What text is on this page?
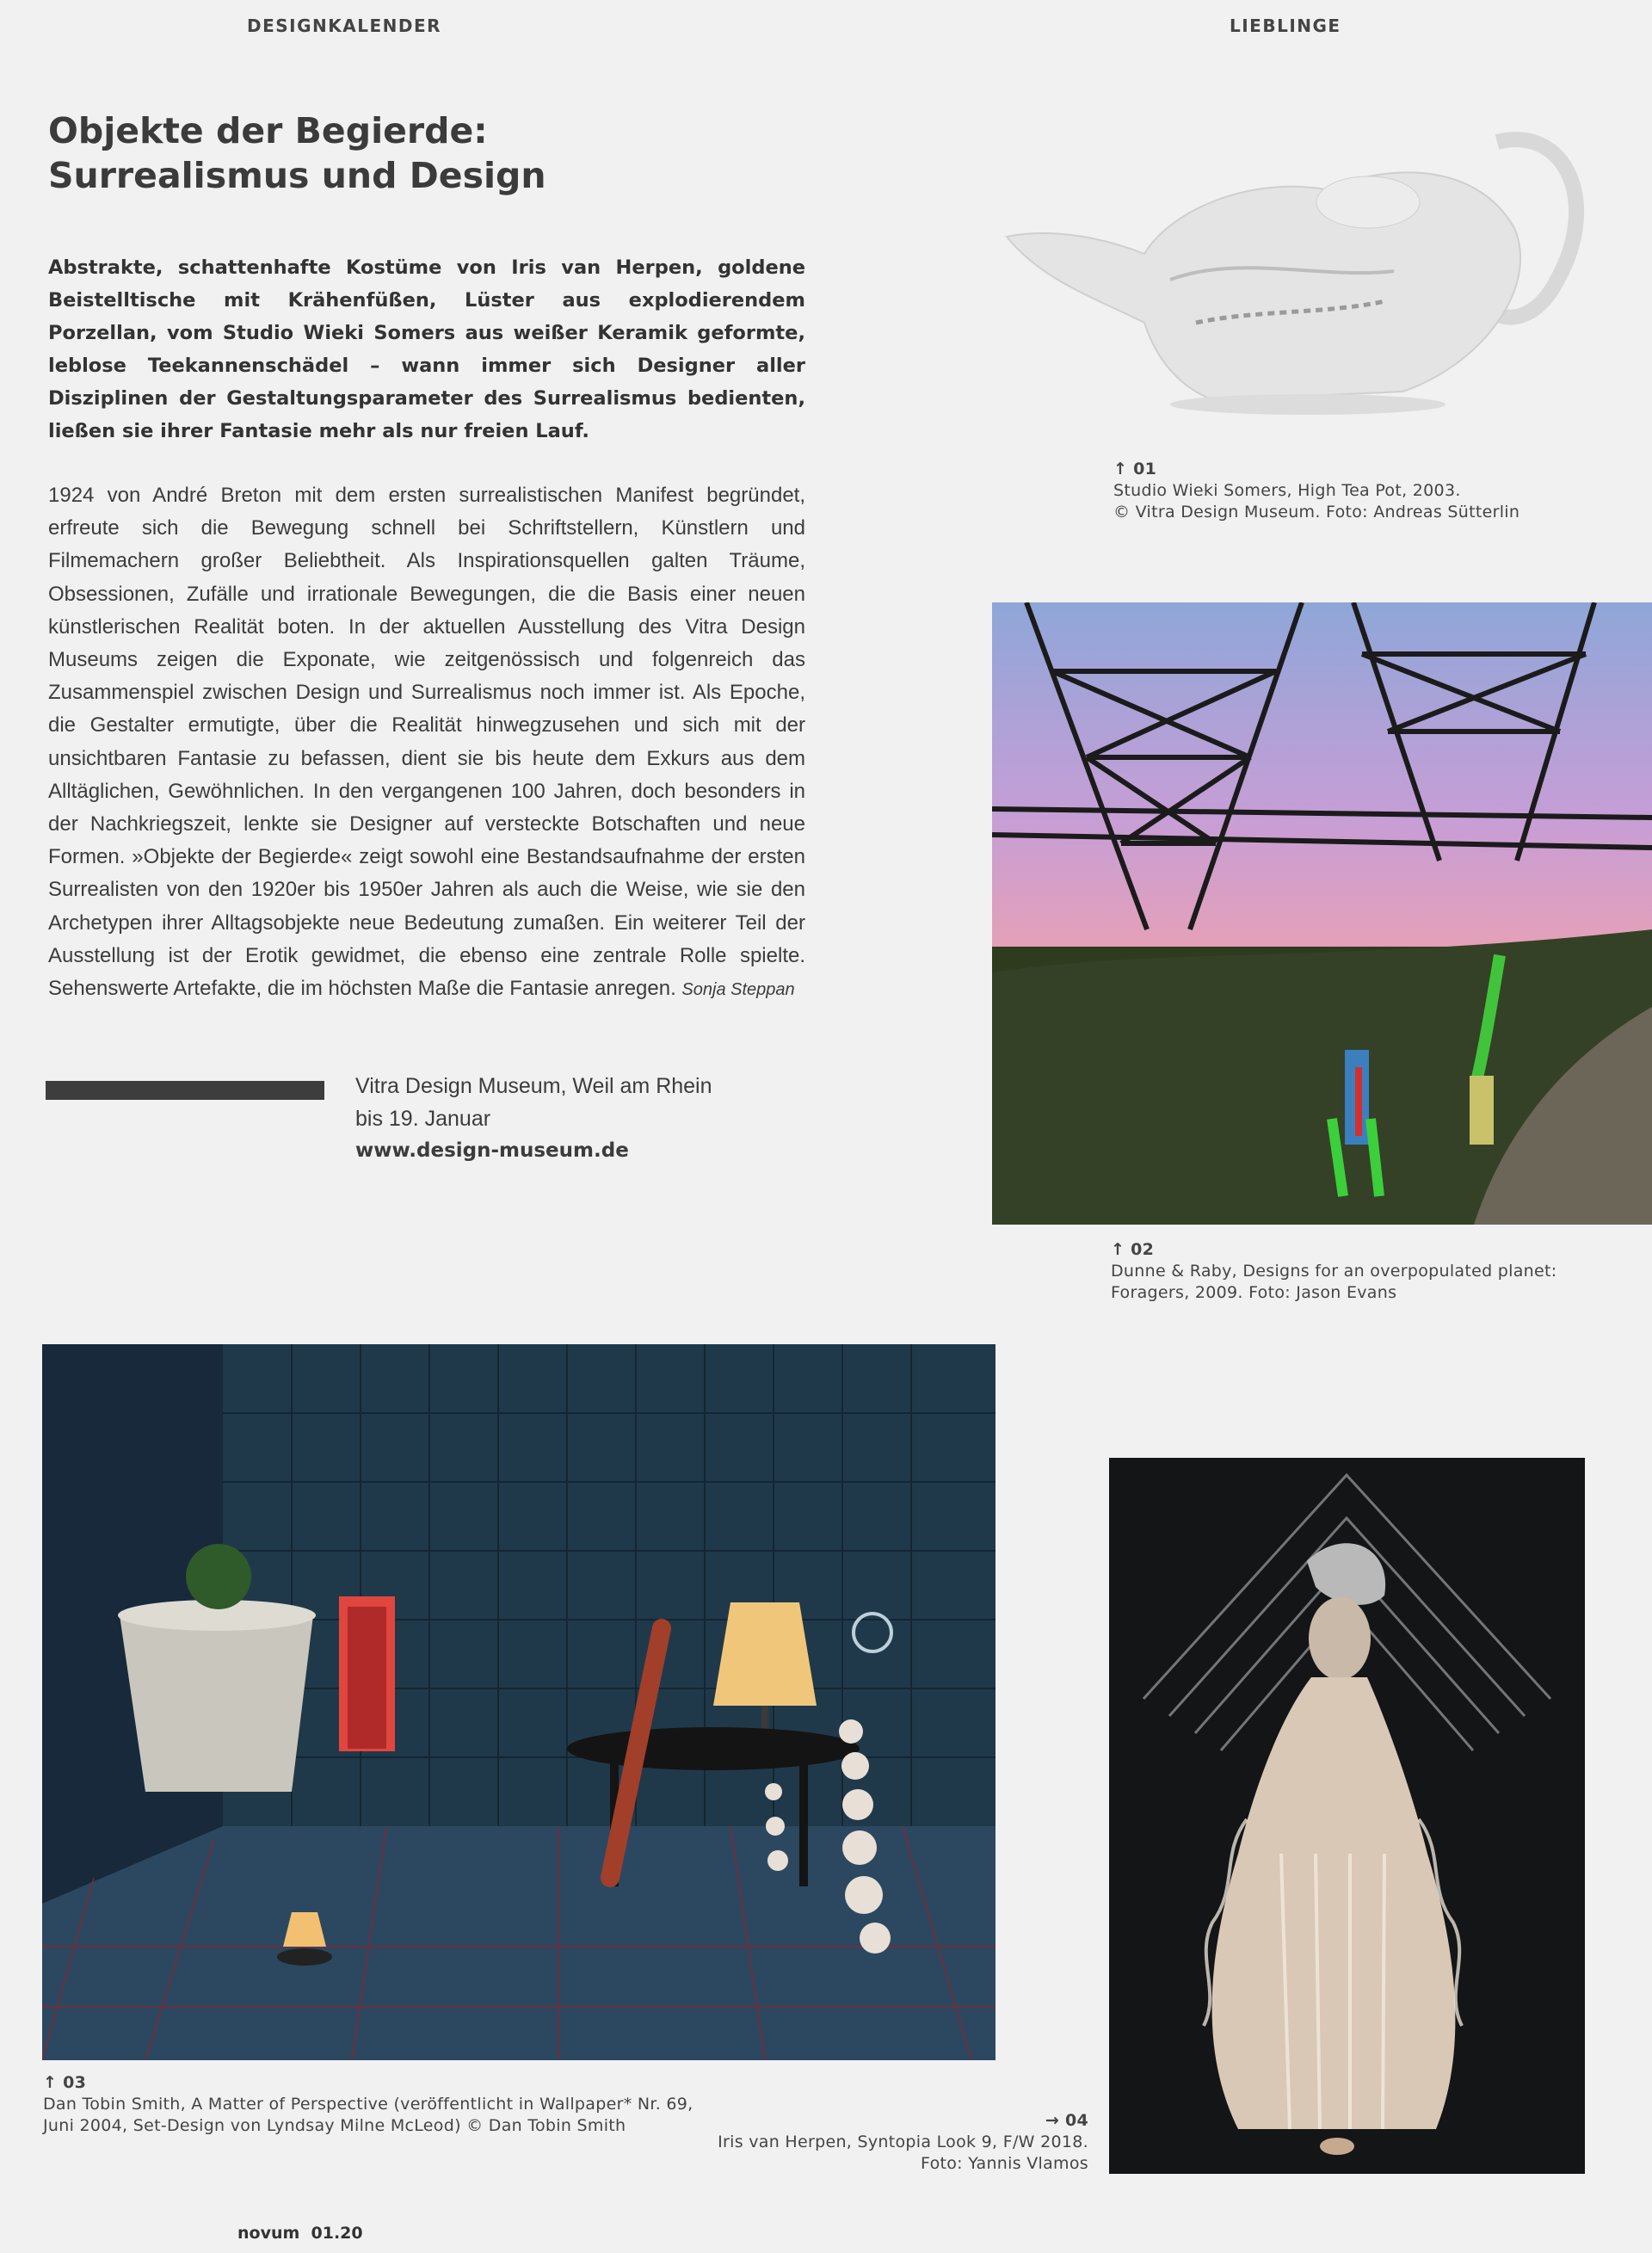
DESIGNKALENDER	LIEBLINGE
Objekte der Begierde:
Surrealismus und Design

Abstrakte, schattenhafte Kostüme von Iris van Herpen, goldene Beistelltische mit Krähenfüßen, Lüster aus explodierendem Porzellan, vom Studio Wieki Somers aus weißer Keramik geformte, leblose Teekannenschädel – wann immer sich Designer aller Disziplinen der Gestaltungsparameter des Surrealismus bedienten, ließen sie ihrer Fantasie mehr als nur freien Lauf.

1924 von André Breton mit dem ersten surrealistischen Manifest begründet, erfreute sich die Bewegung schnell bei Schriftstellern, Künstlern und Filmemachern großer Beliebtheit. Als Inspirationsquellen galten Träume, Obsessionen, Zufälle und irrationale Bewegungen, die die Basis einer neuen künstlerischen Realität boten. In der aktuellen Ausstellung des Vitra Design Museums zeigen die Exponate, wie zeitgenössisch und folgenreich das Zusammenspiel zwischen Design und Surrealismus noch immer ist. Als Epoche, die Gestalter ermutigte, über die Realität hinwegzusehen und sich mit der unsichtbaren Fantasie zu befassen, dient sie bis heute dem Exkurs aus dem Alltäglichen, Gewöhnlichen. In den vergangenen 100 Jahren, doch besonders in der Nachkriegszeit, lenkte sie Designer auf versteckte Botschaften und neue Formen. »Objekte der Begierde« zeigt sowohl eine Bestandsaufnahme der ersten Surrealisten von den 1920er bis 1950er Jahren als auch die Weise, wie sie den Archetypen ihrer Alltagsobjekte neue Bedeutung zumaßen. Ein weiterer Teil der Ausstellung ist der Erotik gewidmet, die ebenso eine zentrale Rolle spielte. Sehenswerte Artefakte, die im höchsten Maße die Fantasie anregen. Sonja Steppan

Vitra Design Museum, Weil am Rhein
bis 19. Januar
www.design-museum.de
↑ 01
Studio Wieki Somers, High Tea Pot, 2003.
© Vitra Design Museum. Foto: Andreas Sütterlin
↑ 02
Dunne & Raby, Designs for an overpopulated planet:
Foragers, 2009. Foto: Jason Evans
↑ 03
Dan Tobin Smith, A Matter of Perspective (veröffentlicht in Wallpaper* Nr. 69,
Juni 2004, Set-Design von Lyndsay Milne McLeod) © Dan Tobin Smith	→ 04
Iris van Herpen, Syntopia Look 9, F/W 2018.
Foto: Yannis Vlamos
novum  01.20
